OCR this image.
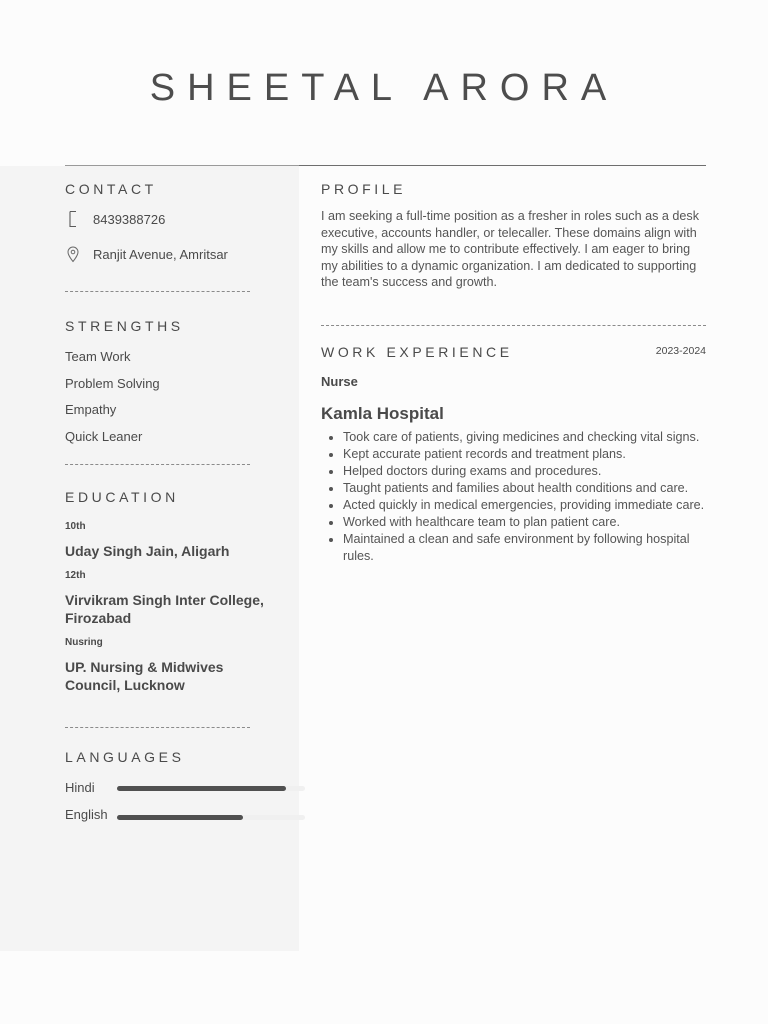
SHEETAL ARORA
CONTACT
8439388726
Ranjit Avenue, Amritsar
STRENGTHS

Team Work

Problem Solving

Empathy

Quick Leaner

EDUCATION

10th

Uday Singh Jain, Aligarh

12th

Virvikram Singh Inter College, Firozabad

Nusring

UP. Nursing & Midwives Council, Lucknow

LANGUAGES
Hindi
English
PROFILE

I am seeking a full-time position as a fresher in roles such as a desk executive, accounts handler, or telecaller. These domains align with my skills and allow me to contribute effectively. I am eager to bring my abilities to a dynamic organization. I am dedicated to supporting the team's success and growth.

WORK EXPERIENCE	2023-2024

Nurse

Kamla Hospital

• Took care of patients, giving medicines and checking vital signs.
• Kept accurate patient records and treatment plans.
• Helped doctors during exams and procedures.
• Taught patients and families about health conditions and care.
• Acted quickly in medical emergencies, providing immediate care.
• Worked with healthcare team to plan patient care.
• Maintained a clean and safe environment by following hospital rules.
